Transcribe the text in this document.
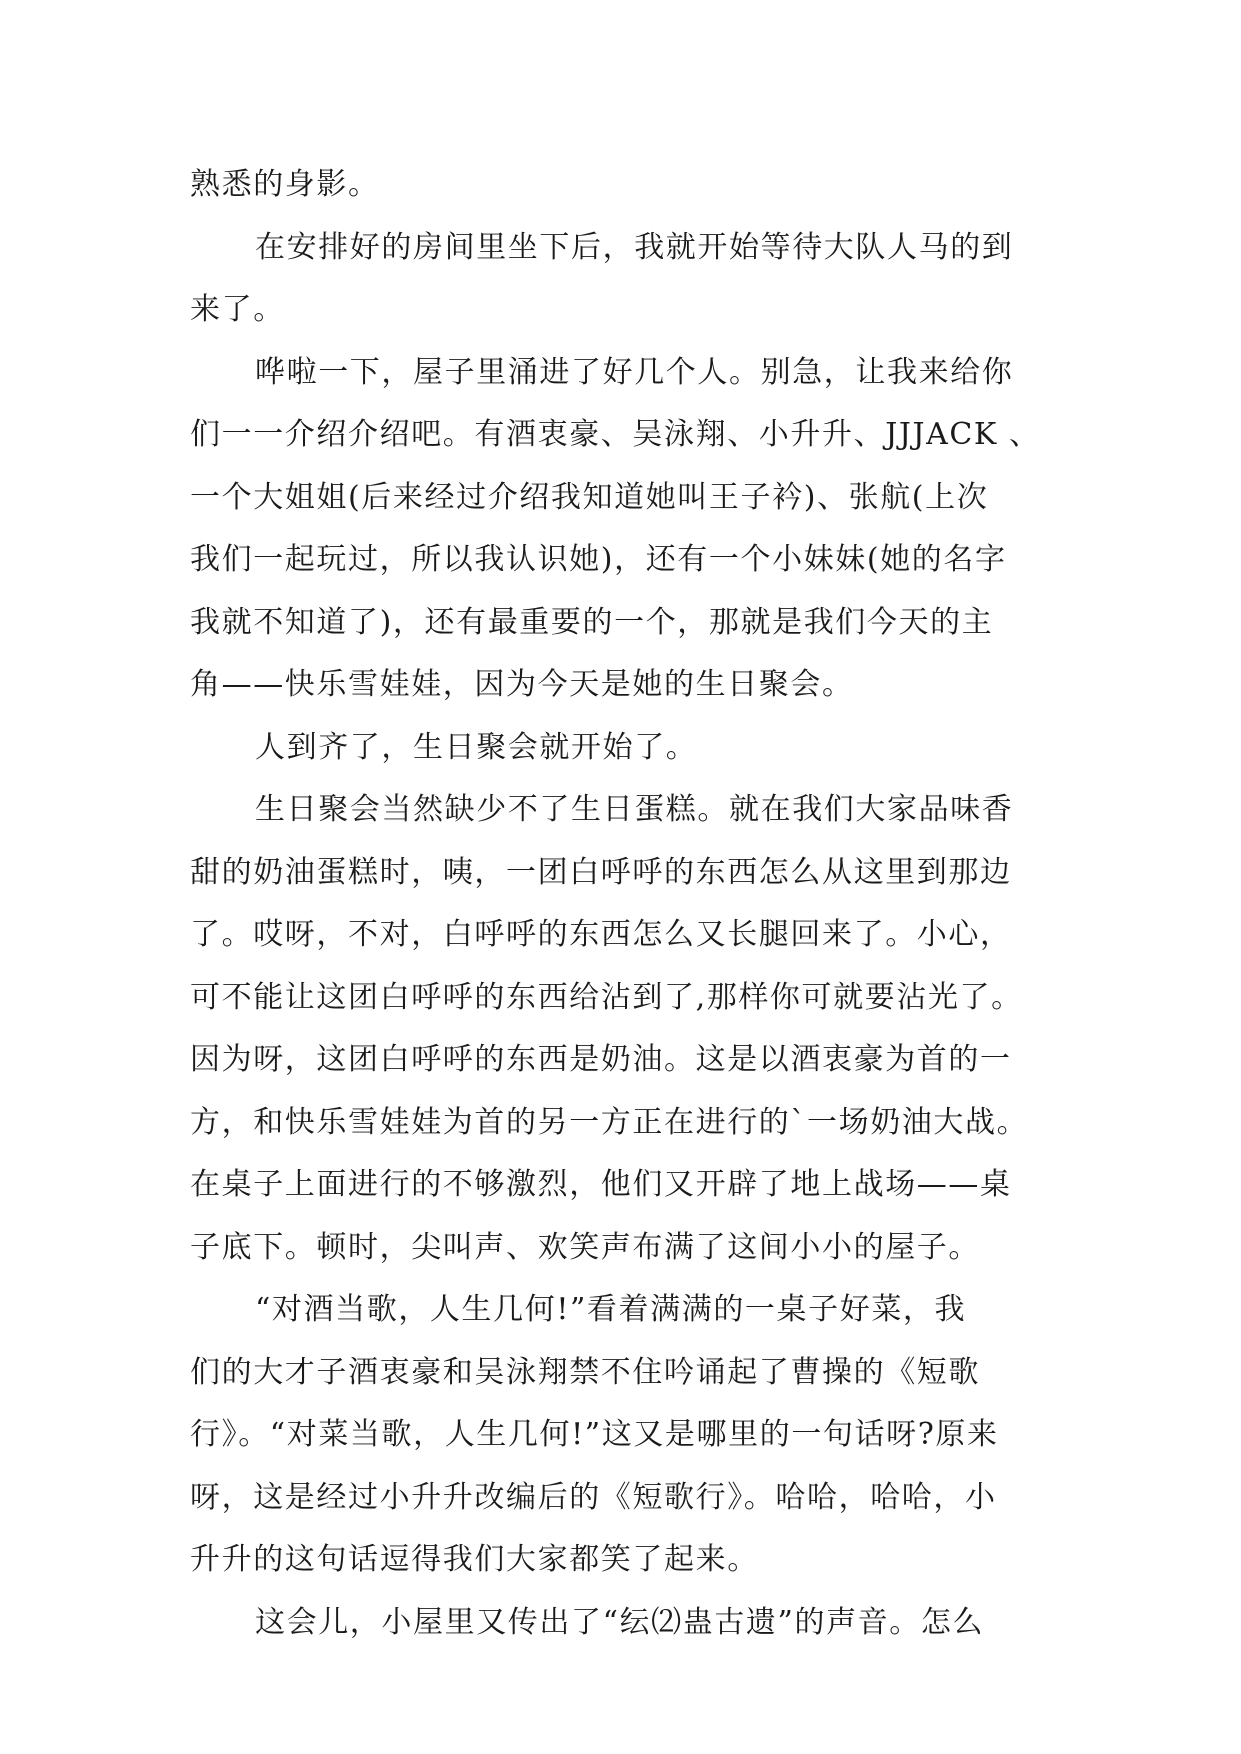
熟悉的身影。
在安排好的房间里坐下后，我就开始等待大队人马的到
来了。
哗啦一下，屋子里涌进了好几个人。别急，让我来给你
们一一介绍介绍吧。有酒衷豪、吴泳翔、小升升、JJJACK 、
一个大姐姐(后来经过介绍我知道她叫王子衿)、张航(上次
我们一起玩过，所以我认识她)，还有一个小妹妹(她的名字
我就不知道了)，还有最重要的一个，那就是我们今天的主
角——快乐雪娃娃，因为今天是她的生日聚会。
人到齐了，生日聚会就开始了。
生日聚会当然缺少不了生日蛋糕。就在我们大家品味香
甜的奶油蛋糕时，咦，一团白呼呼的东西怎么从这里到那边
了。哎呀，不对，白呼呼的东西怎么又长腿回来了。小心，
可不能让这团白呼呼的东西给沾到了,那样你可就要沾光了。
因为呀，这团白呼呼的东西是奶油。这是以酒衷豪为首的一
方，和快乐雪娃娃为首的另一方正在进行的`一场奶油大战。
在桌子上面进行的不够激烈，他们又开辟了地上战场——桌
子底下。顿时，尖叫声、欢笑声布满了这间小小的屋子。
“对酒当歌，人生几何!”看着满满的一桌子好菜，我
们的大才子酒衷豪和吴泳翔禁不住吟诵起了曹操的《短歌
行》。“对菜当歌，人生几何!”这又是哪里的一句话呀?原来
呀，这是经过小升升改编后的《短歌行》。哈哈，哈哈，小
升升的这句话逗得我们大家都笑了起来。
这会儿，小屋里又传出了“纭⑵蛊古遗”的声音。怎么
